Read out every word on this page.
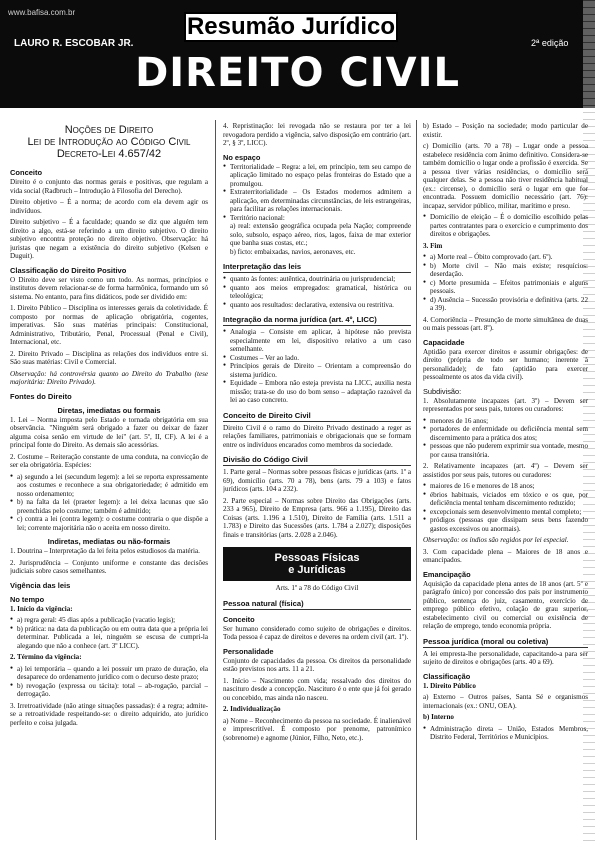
www.bafisa.com.br
Resumão Jurídico
LAURO R. ESCOBAR JR.	2ª edição
DIREITO CIVIL
Noções de Direito
Lei de Introdução ao Código Civil
Decreto-Lei 4.657/42
Conceito

Direito é o conjunto das normas gerais e positivas, que regulam a vida social (Radbruch – Introdução à Filosofia del Derecho).

Direito objetivo – É a norma; de acordo com ela devem agir os indivíduos.

Direito subjetivo – É a faculdade; quando se diz que alguém tem direito a algo, está-se referindo a um direito subjetivo. O direito subjetivo encontra proteção no direito objetivo. Observação: há juristas que negam a existência do direito subjetivo (Kelsen e Duguit).

Classificação do Direito Positivo

O Direito deve ser visto como um todo. As normas, princípios e institutos devem relacionar-se de forma harmônica, formando um só sistema. No entanto, para fins didáticos, pode ser dividido em:

1. Direito Público – Disciplina os interesses gerais da coletividade. É composto por normas de aplicação obrigatória, cogentes, imperativas. São suas matérias principais: Constitucional, Administrativo, Tributário, Penal, Processual (Penal e Civil), Internacional, etc.

2. Direito Privado – Disciplina as relações dos indivíduos entre si. São suas matérias: Civil e Comercial.

Observação: há controvérsia quanto ao Direito do Trabalho (tese majoritária: Direito Privado).

Fontes do Direito
Diretas, imediatas ou formais

1. Lei – Norma imposta pelo Estado e tornada obrigatória em sua observância. "Ninguém será obrigado a fazer ou deixar de fazer alguma coisa senão em virtude de lei" (art. 5º, II, CF). A lei é a principal fonte do Direito. As demais são acessórias.

2. Costume – Reiteração constante de uma conduta, na convicção de ser ela obrigatória. Espécies:

● a) segundo a lei (secundum legem): a lei se reporta expressamente aos costumes e reconhece a sua obrigatoriedade; é admitido em nosso ordenamento;
● b) na falta da lei (praeter legem): a lei deixa lacunas que são preenchidas pelo costume; também é admitido;
● c) contra a lei (contra legem): o costume contraria o que dispõe a lei; corrente majoritária não o aceita em nosso direito.
Indiretas, mediatas ou não-formais

1. Doutrina – Interpretação da lei feita pelos estudiosos da matéria.

2. Jurisprudência – Conjunto uniforme e constante das decisões judiciais sobre casos semelhantes.

Vigência das leis
No tempo

1. Início da vigência:

● a) regra geral: 45 dias após a publicação (vacatio legis);
● b) prática: na data da publicação ou em outra data que a própria lei determinar. Publicada a lei, ninguém se escusa de cumpri-la alegando que não a conhece (art. 3º LICC).

2. Término da vigência:

● a) lei temporária – quando a lei possuir um prazo de duração, ela desaparece do ordenamento jurídico com o decurso deste prazo;
● b) revogação (expressa ou tácita): total – ab-rogação, parcial – derrogação.

3. Irretroatividade (não atinge situações passadas): é a regra; admite-se a retroatividade respeitando-se: o direito adquirido, ato jurídico perfeito e coisa julgada.

4. Repristinação: lei revogada não se restaura por ter a lei revogadora perdido a vigência, salvo disposição em contrário (art. 2º, § 3º, LICC).

No espaço
● Territorialidade – Regra: a lei, em princípio, tem seu campo de aplicação limitado no espaço pelas fronteiras do Estado que a promulgou.
● Extraterritorialidade – Os Estados modernos admitem a aplicação, em determinadas circunstâncias, de leis estrangeiras, para facilitar as relações internacionais.
● Território nacional:
a) real: extensão geográfica ocupada pela Nação; compreende solo, subsolo, espaço aéreo, rios, lagos, faixa de mar exterior que banha suas costas, etc.;
b) ficto: embaixadas, navios, aeronaves, etc.
Interpretação das leis
● quanto às fontes: autêntica, doutrinária ou jurisprudencial;
● quanto aos meios empregados: gramatical, histórica ou teleológica;
● quanto aos resultados: declarativa, extensiva ou restritiva.
Integração da norma jurídica (art. 4º, LICC)
● Analogia – Consiste em aplicar, à hipótese não prevista especialmente em lei, dispositivo relativo a um caso semelhante.
● Costumes – Ver ao lado.
● Princípios gerais de Direito – Orientam a compreensão do sistema jurídico.
● Equidade – Embora não esteja prevista na LICC, auxilia nesta missão; trata-se do uso do bom senso – adaptação razoável da lei ao caso concreto.
Conceito de Direito Civil

Direito Civil é o ramo do Direito Privado destinado a reger as relações familiares, patrimoniais e obrigacionais que se formam entre os indivíduos encarados como membros da sociedade.

Divisão do Código Civil

1. Parte geral – Normas sobre pessoas físicas e jurídicas (arts. 1º a 69), domicílio (arts. 70 a 78), bens (arts. 79 a 103) e fatos jurídicos (arts. 104 a 232).

2. Parte especial – Normas sobre Direito das Obrigações (arts. 233 a 965), Direito de Empresa (arts. 966 a 1.195), Direito das Coisas (arts. 1.196 a 1.510), Direito de Família (arts. 1.511 a 1.783) e Direito das Sucessões (arts. 1.784 a 2.027); disposições finais e transitórias (arts. 2.028 a 2.046).

Pessoas Físicas
e Jurídicas

Arts. 1º a 78 do Código Civil

Pessoa natural (física)
Conceito

Ser humano considerado como sujeito de obrigações e direitos. Toda pessoa é capaz de direitos e deveres na ordem civil (art. 1º).

Personalidade

Conjunto de capacidades da pessoa. Os direitos da personalidade estão previstos nos arts. 11 a 21.

1. Início – Nascimento com vida; ressalvado dos direitos do nascituro desde a concepção. Nascituro é o ente que já foi gerado ou concebido, mas ainda não nasceu.

2. Individualização

a) Nome – Reconhecimento da pessoa na sociedade. É inalienável e imprescritível. É composto por prenome, patronímico (sobrenome) e agnome (Júnior, Filho, Neto, etc.).

b) Estado – Posição na sociedade; modo particular de existir.

c) Domicílio (arts. 70 a 78) – Lugar onde a pessoa estabelece residência com ânimo definitivo. Considera-se também domicílio o lugar onde a profissão é exercida. Se a pessoa tiver várias residências, o domicílio será qualquer delas. Se a pessoa não tiver residência habitual (ex.: circense), o domicílio será o lugar em que for encontrada. Possuem domicílio necessário (art. 76): incapaz, servidor público, militar, marítimo e preso.

● Domicílio de eleição – É o domicílio escolhido pelas partes contratantes para o exercício e cumprimento dos direitos e obrigações.

3. Fim

● a) Morte real – Óbito comprovado (art. 6º).
● b) Morte civil – Não mais existe; resquícios: deserdação.
● c) Morte presumida – Efeitos patrimoniais e alguns pessoais.
● d) Ausência – Sucessão provisória e definitiva (arts. 22 a 39).

4. Comoriência – Presunção de morte simultânea de duas ou mais pessoas (art. 8º).

Capacidade

Aptidão para exercer direitos e assumir obrigações: de direito (própria de todo ser humano; inerente à personalidade); de fato (aptidão para exercer pessoalmente os atos da vida civil).

Subdivisão:

1. Absolutamente incapazes (art. 3º) – Devem ser representados por seus pais, tutores ou curadores:

● menores de 16 anos;
● portadores de enfermidade ou deficiência mental sem discernimento para a prática dos atos;
● pessoas que não puderem exprimir sua vontade, mesmo por causa transitória.

2. Relativamente incapazes (art. 4º) – Devem ser assistidos por seus pais, tutores ou curadores:

● maiores de 16 e menores de 18 anos;
● ébrios habituais, viciados em tóxico e os que, por deficiência mental tenham discernimento reduzido;
● excepcionais sem desenvolvimento mental completo;
● pródigos (pessoas que dissipam seus bens fazendo gastos excessivos ou anormais).

Observação: os índios são regidos por lei especial.

3. Com capacidade plena – Maiores de 18 anos e emancipados.

Emancipação

Aquisição da capacidade plena antes de 18 anos (art. 5º e parágrafo único) por concessão dos pais por instrumento público, sentença do juiz, casamento, exercício de emprego público efetivo, colação de grau superior, estabelecimento civil ou comercial ou existência de relação de emprego, tendo economia própria.

Pessoa jurídica (moral ou coletiva)

A lei empresta-lhe personalidade, capacitando-a para ser sujeito de direitos e obrigações (arts. 40 a 69).

Classificação

1. Direito Público

a) Externo – Outros países, Santa Sé e organismos internacionais (ex.: ONU, OEA).

b) Interno

● Administração direta – União, Estados Membros, Distrito Federal, Territórios e Municípios.
